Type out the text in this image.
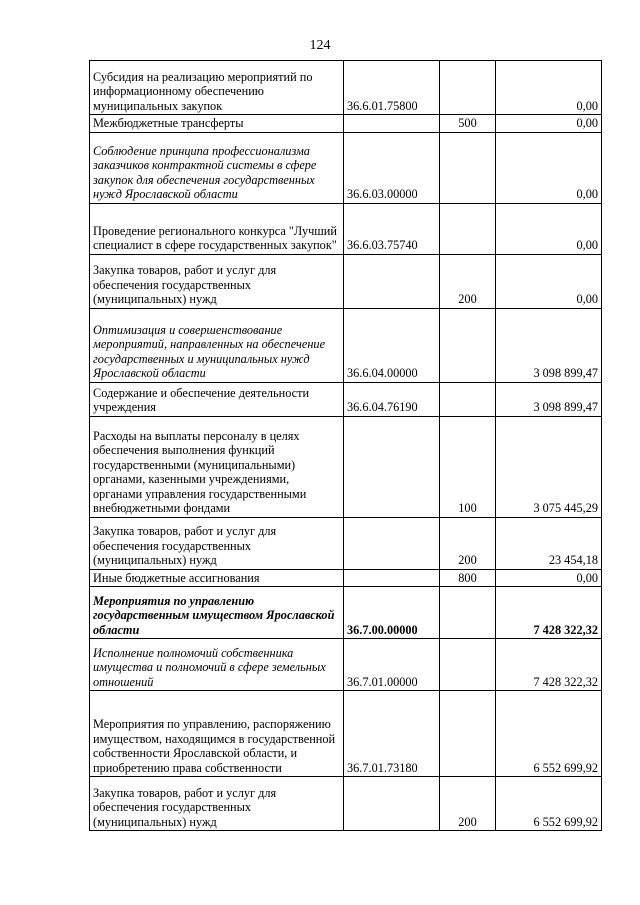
124
Субсидия на реализацию мероприятий по информационному обеспечению муниципальных закупок	36.6.01.75800		0,00
Межбюджетные трансферты		500	0,00
Соблюдение принципа профессионализма заказчиков контрактной системы в сфере закупок для обеспечения государственных нужд Ярославской области	36.6.03.00000		0,00
Проведение регионального конкурса "Лучший специалист в сфере государственных закупок"	36.6.03.75740		0,00
Закупка товаров, работ и услуг для обеспечения государственных (муниципальных) нужд		200	0,00
Оптимизация и совершенствование мероприятий, направленных на обеспечение государственных и муниципальных нужд Ярославской области	36.6.04.00000		3 098 899,47
Содержание и обеспечение деятельности учреждения	36.6.04.76190		3 098 899,47
Расходы на выплаты персоналу в целях обеспечения выполнения функций государственными (муниципальными) органами, казенными учреждениями, органами управления государственными внебюджетными фондами		100	3 075 445,29
Закупка товаров, работ и услуг для обеспечения государственных (муниципальных) нужд		200	23 454,18
Иные бюджетные ассигнования		800	0,00
Мероприятия по управлению государственным имуществом Ярославской области	36.7.00.00000		7 428 322,32
Исполнение полномочий собственника имущества и полномочий в сфере земельных отношений	36.7.01.00000		7 428 322,32
Мероприятия по управлению, распоряжению имуществом, находящимся в государственной собственности Ярославской области, и приобретению права собственности	36.7.01.73180		6 552 699,92
Закупка товаров, работ и услуг для обеспечения государственных (муниципальных) нужд		200	6 552 699,92
